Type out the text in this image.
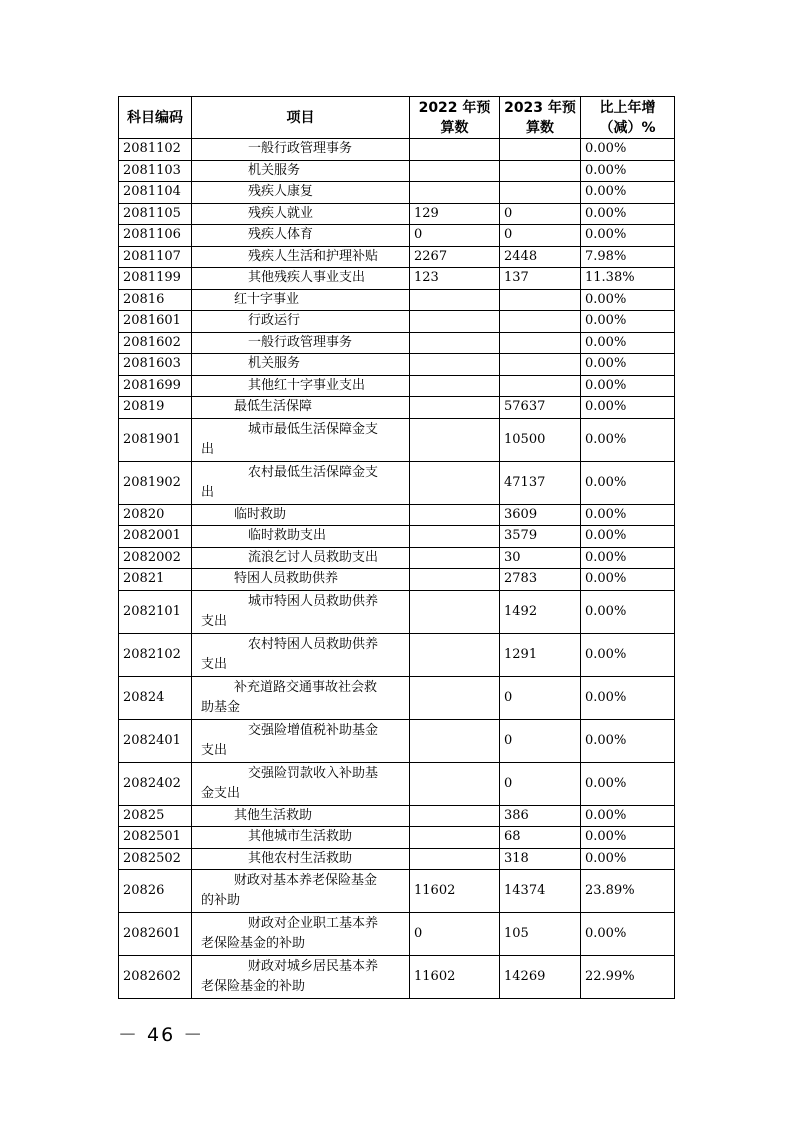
科目编码	项目	2022 年预算数	2023 年预算数	比上年增（减）%
2081102	一般行政管理事务			0.00%
2081103	机关服务			0.00%
2081104	残疾人康复			0.00%
2081105	残疾人就业	129	0	0.00%
2081106	残疾人体育	0	0	0.00%
2081107	残疾人生活和护理补贴	2267	2448	7.98%
2081199	其他残疾人事业支出	123	137	11.38%
20816	红十字事业			0.00%
2081601	行政运行			0.00%
2081602	一般行政管理事务			0.00%
2081603	机关服务			0.00%
2081699	其他红十字事业支出			0.00%
20819	最低生活保障		57637	0.00%
2081901	城市最低生活保障金支
出		10500	0.00%
2081902	农村最低生活保障金支
出		47137	0.00%
20820	临时救助		3609	0.00%
2082001	临时救助支出		3579	0.00%
2082002	流浪乞讨人员救助支出		30	0.00%
20821	特困人员救助供养		2783	0.00%
2082101	城市特困人员救助供养
支出		1492	0.00%
2082102	农村特困人员救助供养
支出		1291	0.00%
20824	补充道路交通事故社会救
助基金		0	0.00%
2082401	交强险增值税补助基金
支出		0	0.00%
2082402	交强险罚款收入补助基
金支出		0	0.00%
20825	其他生活救助		386	0.00%
2082501	其他城市生活救助		68	0.00%
2082502	其他农村生活救助		318	0.00%
20826	财政对基本养老保险基金
的补助	11602	14374	23.89%
2082601	财政对企业职工基本养
老保险基金的补助	0	105	0.00%
2082602	财政对城乡居民基本养
老保险基金的补助	11602	14269	22.99%
－ 46 －
